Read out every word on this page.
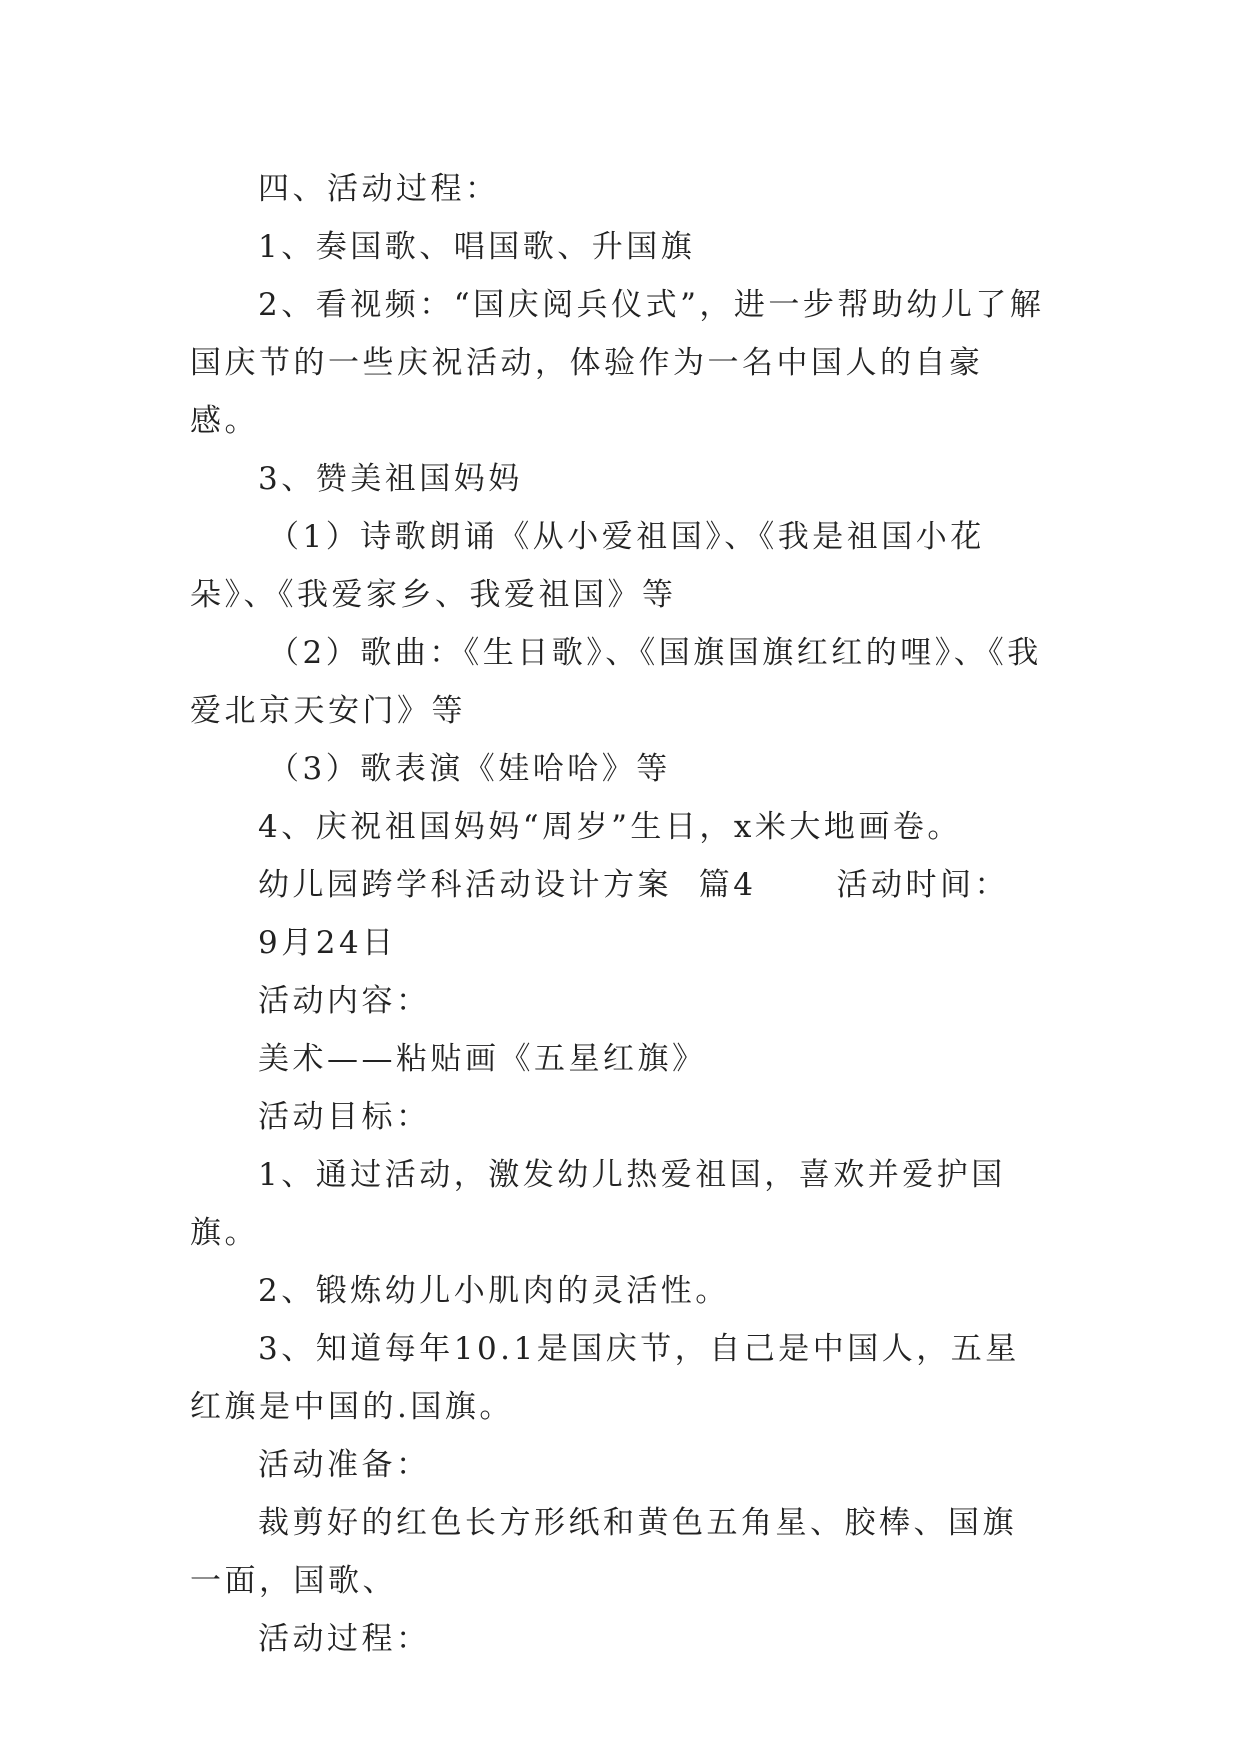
四、活动过程：

1、奏国歌、唱国歌、升国旗

2、看视频：“国庆阅兵仪式”，进一步帮助幼儿了解国庆节的一些庆祝活动，体验作为一名中国人的自豪感。

3、赞美祖国妈妈

（1）诗歌朗诵《从小爱祖国》、《我是祖国小花朵》、《我爱家乡、我爱祖国》等

（2）歌曲：《生日歌》、《国旗国旗红红的哩》、《我爱北京天安门》等

（3）歌表演《娃哈哈》等

4、庆祝祖国妈妈“周岁”生日，x米大地画卷。

幼儿园跨学科活动设计方案  篇4      活动时间：

9月24日

活动内容：

美术——粘贴画《五星红旗》

活动目标：

1、通过活动，激发幼儿热爱祖国，喜欢并爱护国旗。

2、锻炼幼儿小肌肉的灵活性。

3、知道每年10.1是国庆节，自己是中国人，五星红旗是中国的.国旗。

活动准备：

裁剪好的红色长方形纸和黄色五角星、胶棒、国旗一面，国歌、

活动过程：
